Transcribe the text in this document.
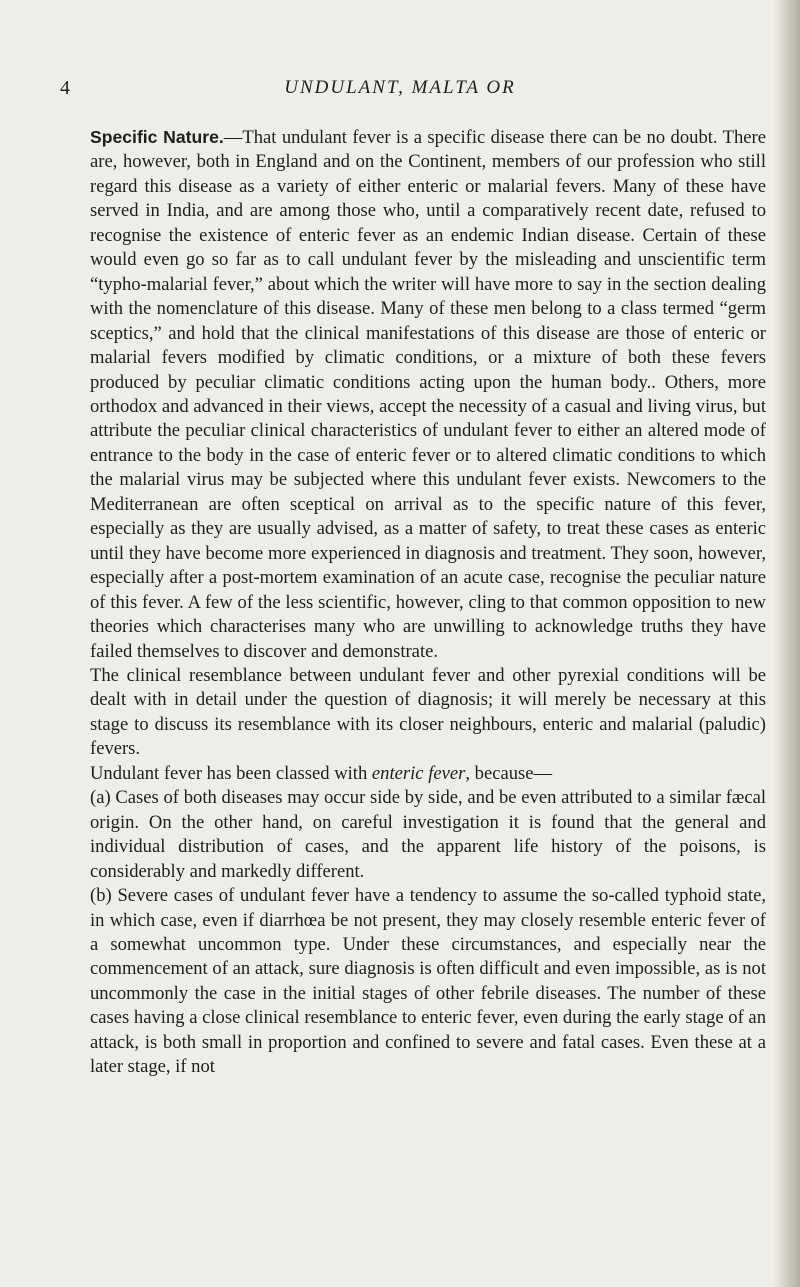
4	UNDULANT, MALTA OR

Specific Nature.—That undulant fever is a specific disease there can be no doubt. There are, however, both in England and on the Continent, members of our profession who still regard this disease as a variety of either enteric or malarial fevers. Many of these have served in India, and are among those who, until a comparatively recent date, refused to recognise the existence of enteric fever as an endemic Indian disease. Certain of these would even go so far as to call undulant fever by the misleading and unscientific term “typho-malarial fever,” about which the writer will have more to say in the section dealing with the nomenclature of this disease. Many of these men belong to a class termed “germ sceptics,” and hold that the clinical manifestations of this disease are those of enteric or malarial fevers modified by climatic conditions, or a mixture of both these fevers produced by peculiar climatic conditions acting upon the human body.. Others, more orthodox and advanced in their views, accept the necessity of a casual and living virus, but attribute the peculiar clinical characteristics of undulant fever to either an altered mode of entrance to the body in the case of enteric fever or to altered climatic conditions to which the malarial virus may be subjected where this undulant fever exists. Newcomers to the Mediterranean are often sceptical on arrival as to the specific nature of this fever, especially as they are usually advised, as a matter of safety, to treat these cases as enteric until they have become more experienced in diagnosis and treatment. They soon, however, especially after a post-mortem examination of an acute case, recognise the peculiar nature of this fever. A few of the less scientific, however, cling to that common opposition to new theories which characterises many who are unwilling to acknowledge truths they have failed themselves to discover and demonstrate.

The clinical resemblance between undulant fever and other pyrexial conditions will be dealt with in detail under the question of diagnosis; it will merely be necessary at this stage to discuss its resemblance with its closer neighbours, enteric and malarial (paludic) fevers.

Undulant fever has been classed with enteric fever, because—

(a) Cases of both diseases may occur side by side, and be even attributed to a similar fæcal origin. On the other hand, on careful investigation it is found that the general and individual distribution of cases, and the apparent life history of the poisons, is considerably and markedly different.

(b) Severe cases of undulant fever have a tendency to assume the so-called typhoid state, in which case, even if diarrhœa be not present, they may closely resemble enteric fever of a somewhat uncommon type. Under these circumstances, and especially near the commencement of an attack, sure diagnosis is often difficult and even impossible, as is not uncommonly the case in the initial stages of other febrile diseases. The number of these cases having a close clinical resemblance to enteric fever, even during the early stage of an attack, is both small in proportion and confined to severe and fatal cases. Even these at a later stage, if not
